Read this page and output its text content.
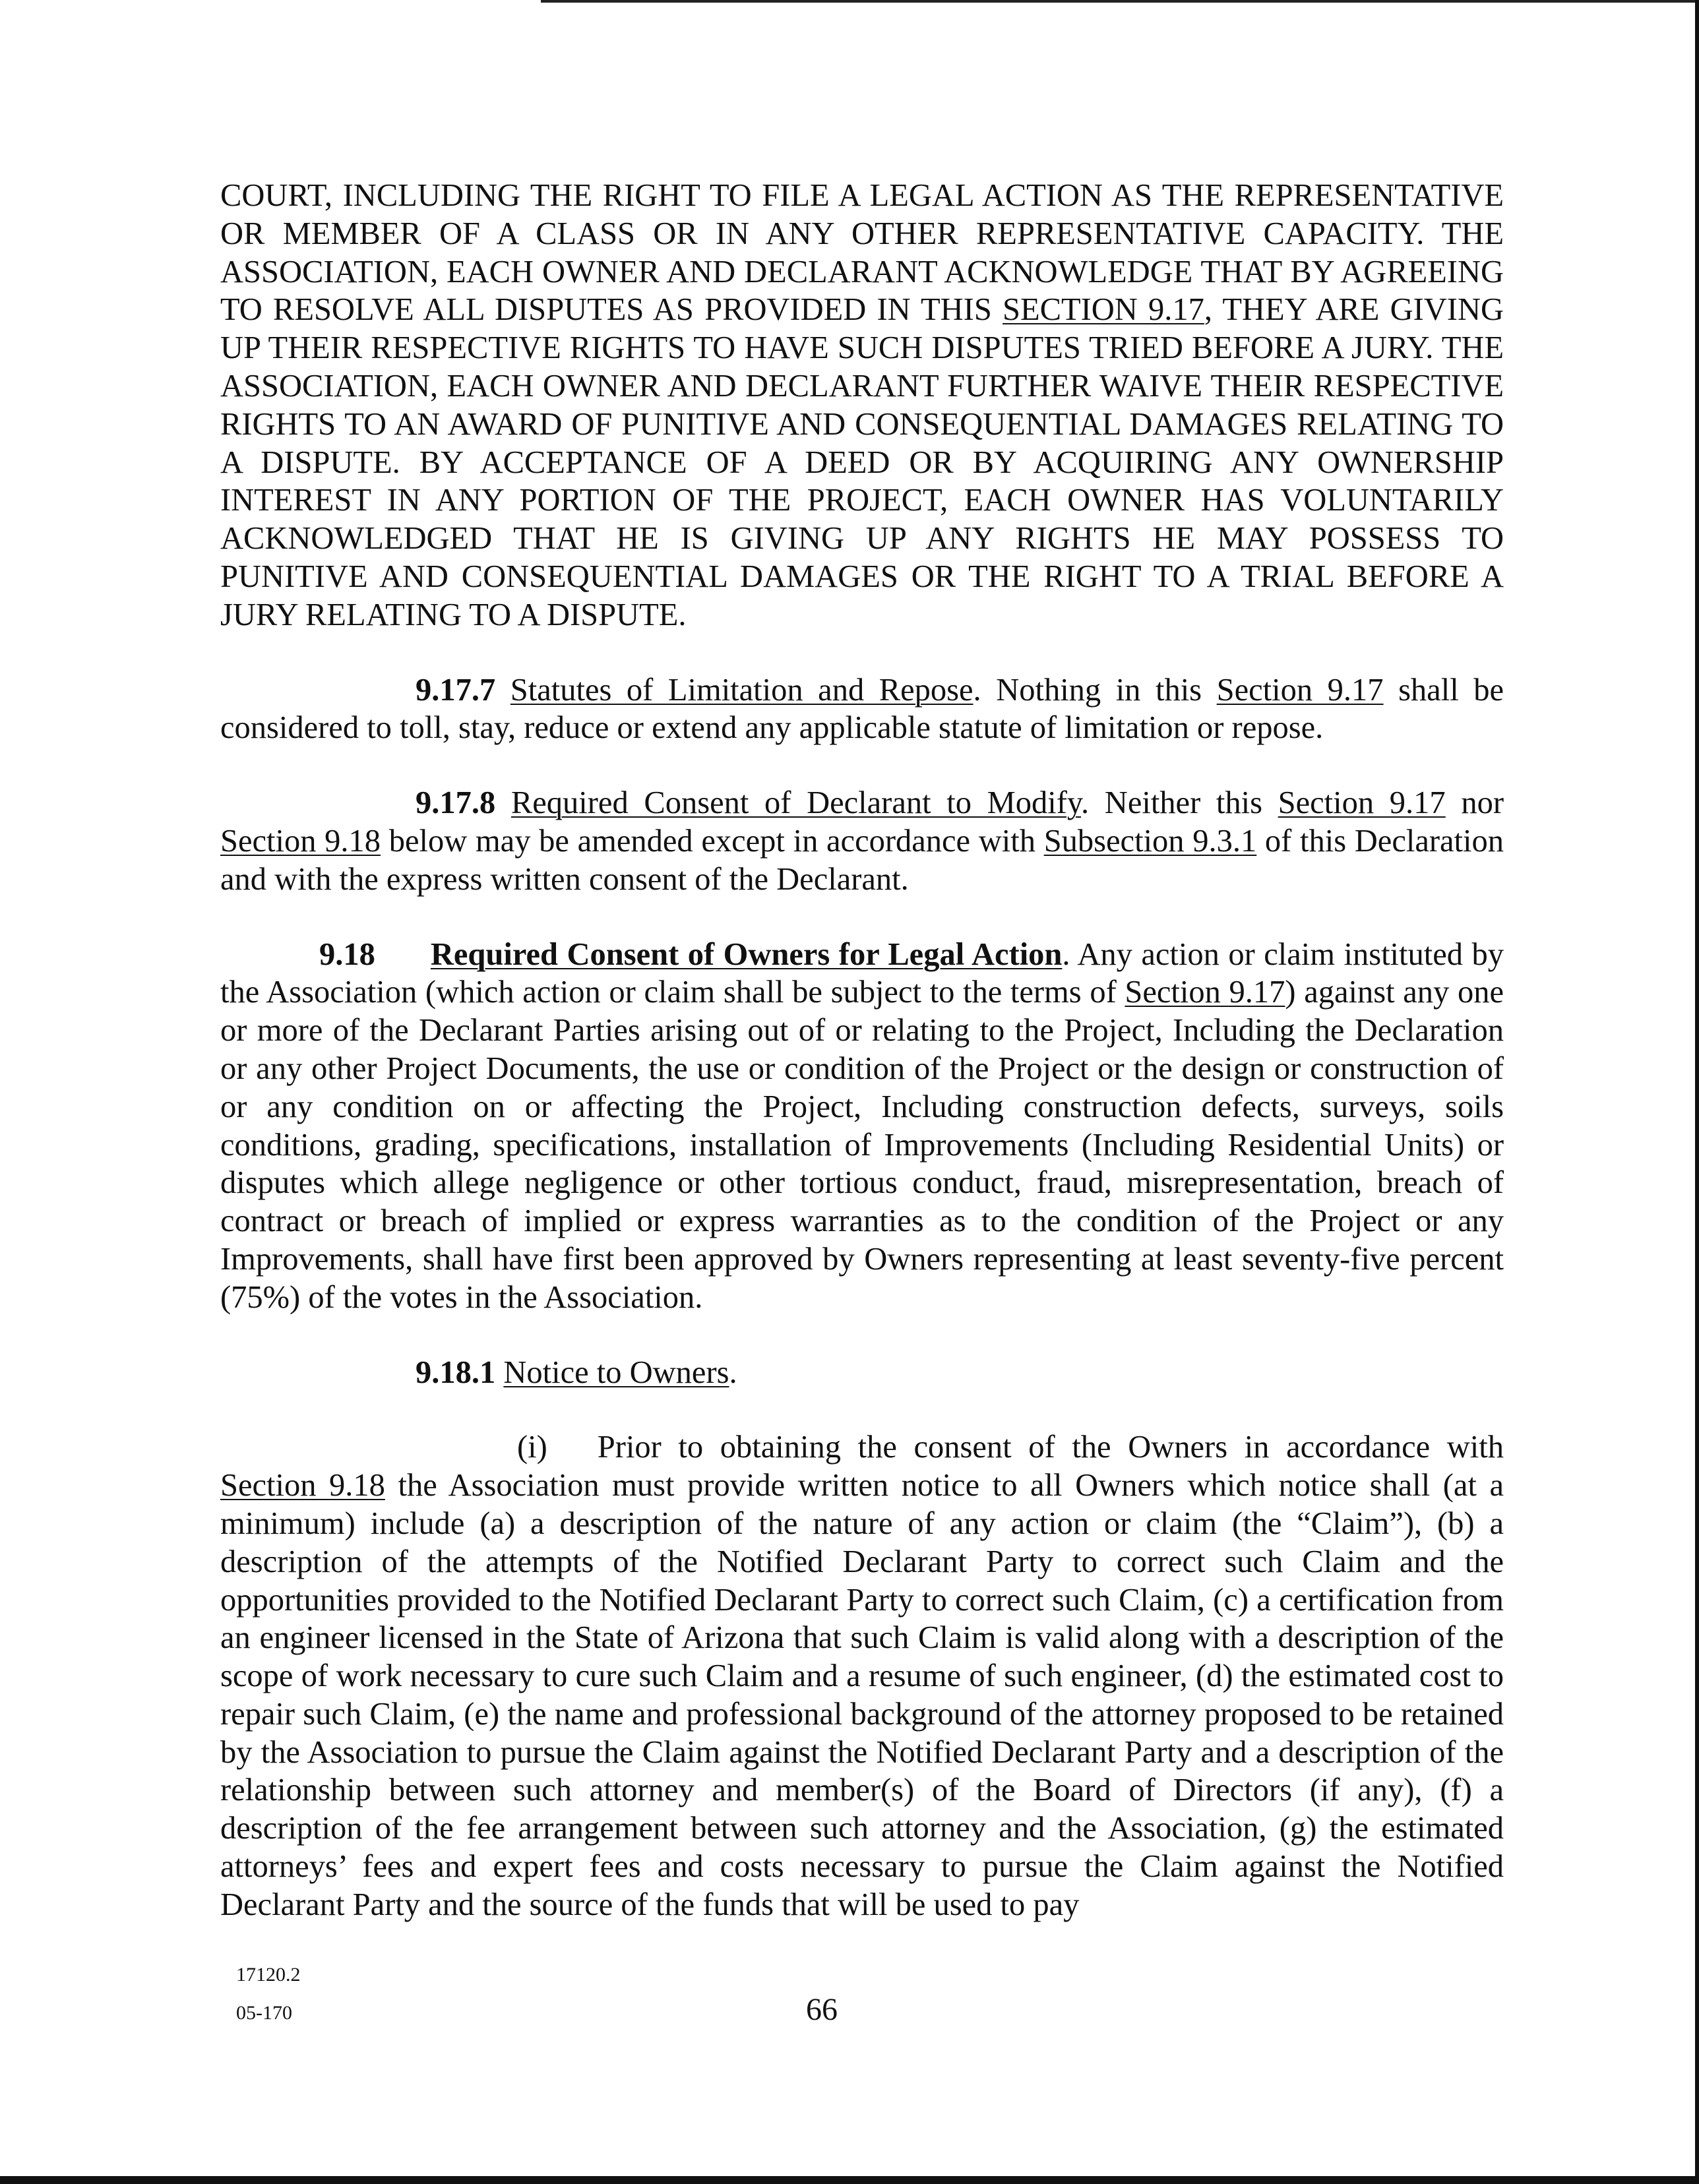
COURT, INCLUDING THE RIGHT TO FILE A LEGAL ACTION AS THE REPRESENTATIVE OR MEMBER OF A CLASS OR IN ANY OTHER REPRESENTATIVE CAPACITY. THE ASSOCIATION, EACH OWNER AND DECLARANT ACKNOWLEDGE THAT BY AGREEING TO RESOLVE ALL DISPUTES AS PROVIDED IN THIS SECTION 9.17, THEY ARE GIVING UP THEIR RESPECTIVE RIGHTS TO HAVE SUCH DISPUTES TRIED BEFORE A JURY. THE ASSOCIATION, EACH OWNER AND DECLARANT FURTHER WAIVE THEIR RESPECTIVE RIGHTS TO AN AWARD OF PUNITIVE AND CONSEQUENTIAL DAMAGES RELATING TO A DISPUTE. BY ACCEPTANCE OF A DEED OR BY ACQUIRING ANY OWNERSHIP INTEREST IN ANY PORTION OF THE PROJECT, EACH OWNER HAS VOLUNTARILY ACKNOWLEDGED THAT HE IS GIVING UP ANY RIGHTS HE MAY POSSESS TO PUNITIVE AND CONSEQUENTIAL DAMAGES OR THE RIGHT TO A TRIAL BEFORE A JURY RELATING TO A DISPUTE.

9.17.7 Statutes of Limitation and Repose. Nothing in this Section 9.17 shall be considered to toll, stay, reduce or extend any applicable statute of limitation or repose.

9.17.8 Required Consent of Declarant to Modify. Neither this Section 9.17 nor Section 9.18 below may be amended except in accordance with Subsection 9.3.1 of this Declaration and with the express written consent of the Declarant.

9.18 Required Consent of Owners for Legal Action. Any action or claim instituted by the Association (which action or claim shall be subject to the terms of Section 9.17) against any one or more of the Declarant Parties arising out of or relating to the Project, Including the Declaration or any other Project Documents, the use or condition of the Project or the design or construction of or any condition on or affecting the Project, Including construction defects, surveys, soils conditions, grading, specifications, installation of Improvements (Including Residential Units) or disputes which allege negligence or other tortious conduct, fraud, misrepresentation, breach of contract or breach of implied or express warranties as to the condition of the Project or any Improvements, shall have first been approved by Owners representing at least seventy-five percent (75%) of the votes in the Association.

9.18.1 Notice to Owners.

(i) Prior to obtaining the consent of the Owners in accordance with Section 9.18 the Association must provide written notice to all Owners which notice shall (at a minimum) include (a) a description of the nature of any action or claim (the “Claim”), (b) a description of the attempts of the Notified Declarant Party to correct such Claim and the opportunities provided to the Notified Declarant Party to correct such Claim, (c) a certification from an engineer licensed in the State of Arizona that such Claim is valid along with a description of the scope of work necessary to cure such Claim and a resume of such engineer, (d) the estimated cost to repair such Claim, (e) the name and professional background of the attorney proposed to be retained by the Association to pursue the Claim against the Notified Declarant Party and a description of the relationship between such attorney and member(s) of the Board of Directors (if any), (f) a description of the fee arrangement between such attorney and the Association, (g) the estimated attorneys’ fees and expert fees and costs necessary to pursue the Claim against the Notified Declarant Party and the source of the funds that will be used to pay

17120.2
05-170	66
